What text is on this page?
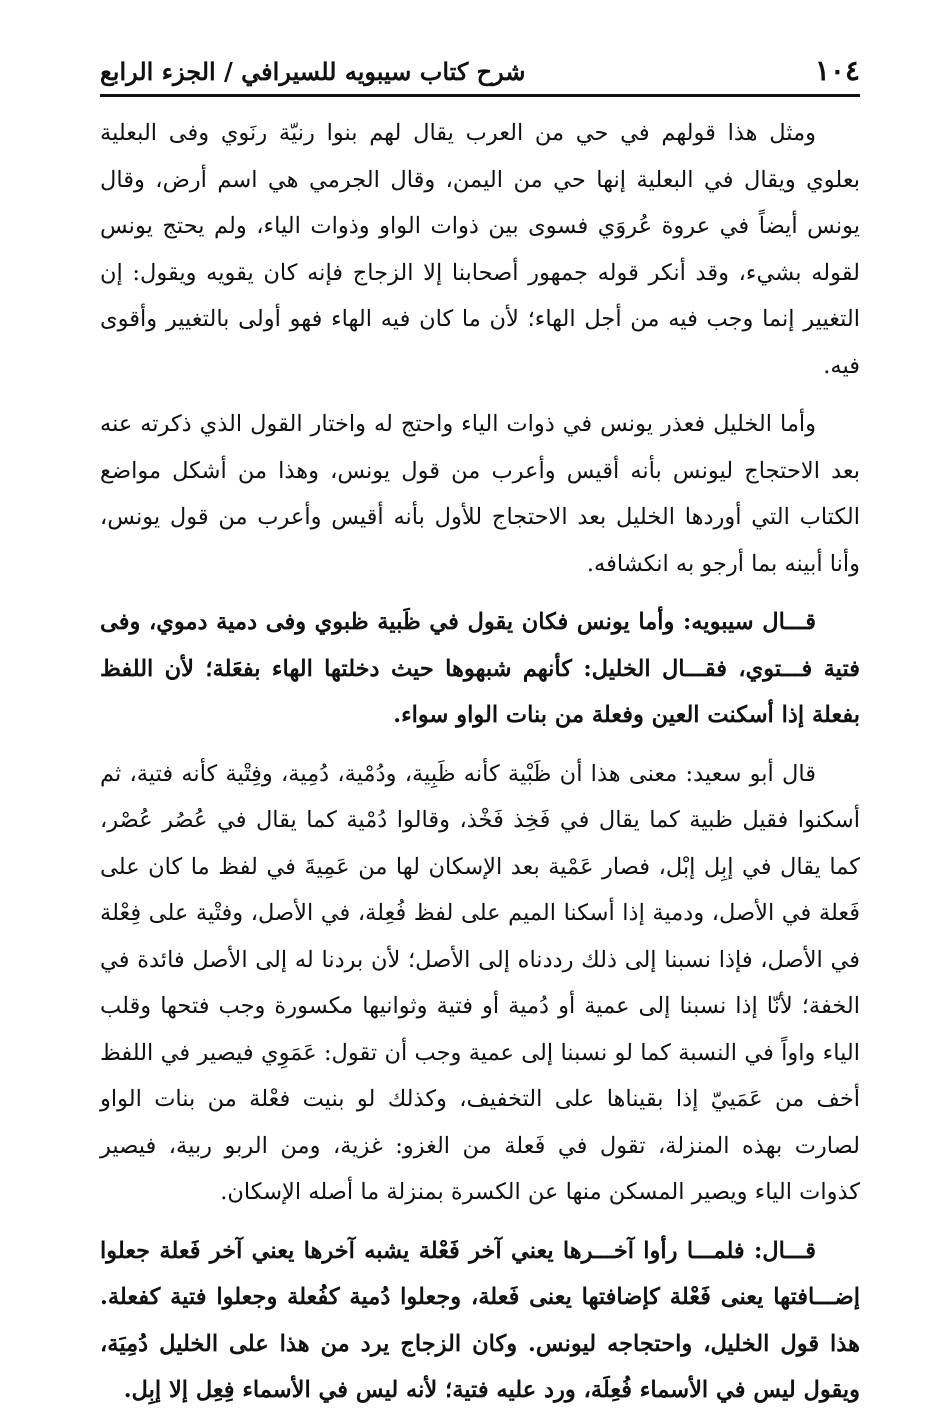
١٠٤
شرح كتاب سيبويه للسيرافي / الجزء الرابع

ومثل هذا قولهم في حي من العرب يقال لهم بنوا رنيّة رنَوي وفى البعلية بعلوي ويقال في البعلية إنها حي من اليمن، وقال الجرمي هي اسم أرض، وقال يونس أيضاً في عروة عُروَي فسوى بين ذوات الواو وذوات الياء، ولم يحتج يونس لقوله بشيء، وقد أنكر قوله جمهور أصحابنا إلا الزجاج فإنه كان يقويه ويقول: إن التغيير إنما وجب فيه من أجل الهاء؛ لأن ما كان فيه الهاء فهو أولى بالتغيير وأقوى فيه.

وأما الخليل فعذر يونس في ذوات الياء واحتج له واختار القول الذي ذكرته عنه بعد الاحتجاج ليونس بأنه أقيس وأعرب من قول يونس، وهذا من أشكل مواضع الكتاب التي أوردها الخليل بعد الاحتجاج للأول بأنه أقيس وأعرب من قول يونس، وأنا أبينه بما أرجو به انكشافه.

قـــال سيبويه: وأما يونس فكان يقول في ظَبية ظبوي وفى دمية دموي، وفى فتية فـــتوي، فقـــال الخليل: كأنهم شبهوها حيث دخلتها الهاء بفعَلة؛ لأن اللفظ بفعلة إذا أسكنت العين وفعلة من بنات الواو سواء.

قال أبو سعيد: معنى هذا أن ظَبْية كأنه ظَبِية، ودُمْية، دُمِية، وفِتْية كأنه فتية، ثم أسكنوا فقيل ظبية كما يقال في فَخِذ فَخْذ، وقالوا دُمْية كما يقال في عُصُر عُصْر، كما يقال في إبِل إبْل، فصار عَمْية بعد الإسكان لها من عَمِيةَ في لفظ ما كان على فَعلة في الأصل، ودمية إذا أسكنا الميم على لفظ فُعِلة، في الأصل، وفتْية على فِعْلة في الأصل، فإذا نسبنا إلى ذلك رددناه إلى الأصل؛ لأن بردنا له إلى الأصل فائدة في الخفة؛ لأنّا إذا نسبنا إلى عمية أو دُمية أو فتية وثوانيها مكسورة وجب فتحها وقلب الياء واواً في النسبة كما لو نسبنا إلى عمية وجب أن تقول: عَمَوِي فيصير في اللفظ أخف من عَمَييّ إذا بقيناها على التخفيف، وكذلك لو بنيت فعْلة من بنات الواو لصارت بهذه المنزلة، تقول في فَعلة من الغزو: غزية، ومن الربو ربية، فيصير كذوات الياء ويصير المسكن منها عن الكسرة بمنزلة ما أصله الإسكان.

قـــال: فلمـــا رأوا آخـــرها يعني آخر فَعْلة يشبه آخرها يعني آخر فَعلة جعلوا إضـــافتها يعنى فَعْلة كإضافتها يعنى فَعلة، وجعلوا دُمية كفُعلة وجعلوا فتية كفعلة. هذا قول الخليل، واحتجاجه ليونس. وكان الزجاج يرد من هذا على الخليل دُمِيَة، ويقول ليس في الأسماء فُعِلَة، ورد عليه فتية؛ لأنه ليس في الأسماء فِعِل إلا إبِل.
